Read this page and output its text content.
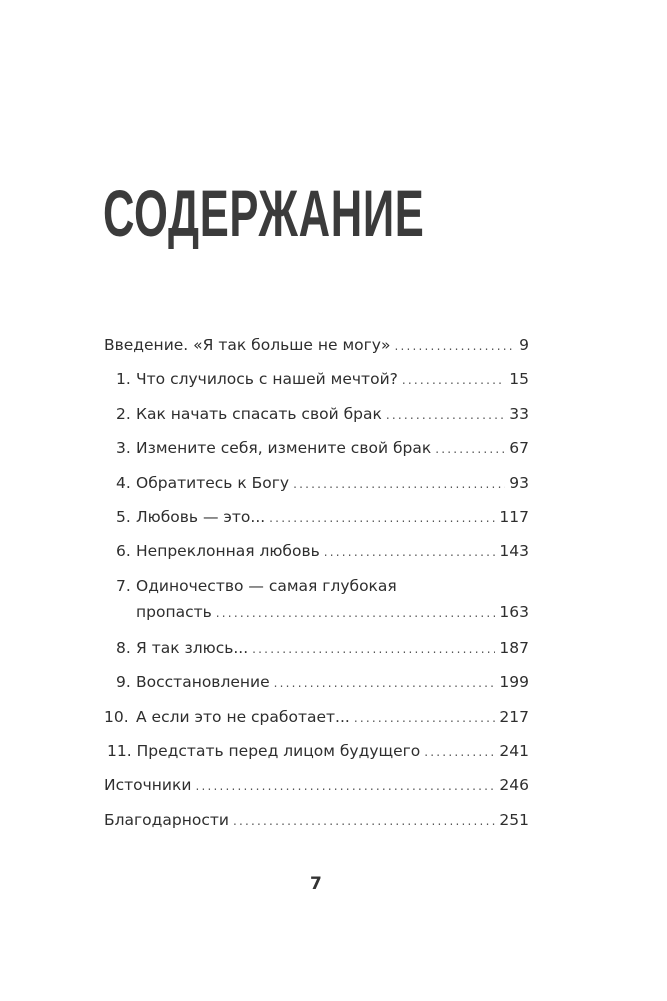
СОДЕРЖАНИЕ
Введение. «Я так больше не могу» .....	9
1. Что случилось с нашей мечтой? .....	15
2. Как начать спасать свой брак .....	33
3. Измените себя, измените свой брак .....	67
4. Обратитесь к Богу .....	93
5. Любовь — это... .....	117
6. Непреклонная любовь .....	143
7. Одиночество — самая глубокая
пропасть .....	163
8. Я так злюсь... .....	187
9. Восстановление .....	199
10. А если это не сработает... .....	217
11. Предстать перед лицом будущего .....	241
Источники .....	246
Благодарности .....	251
7
